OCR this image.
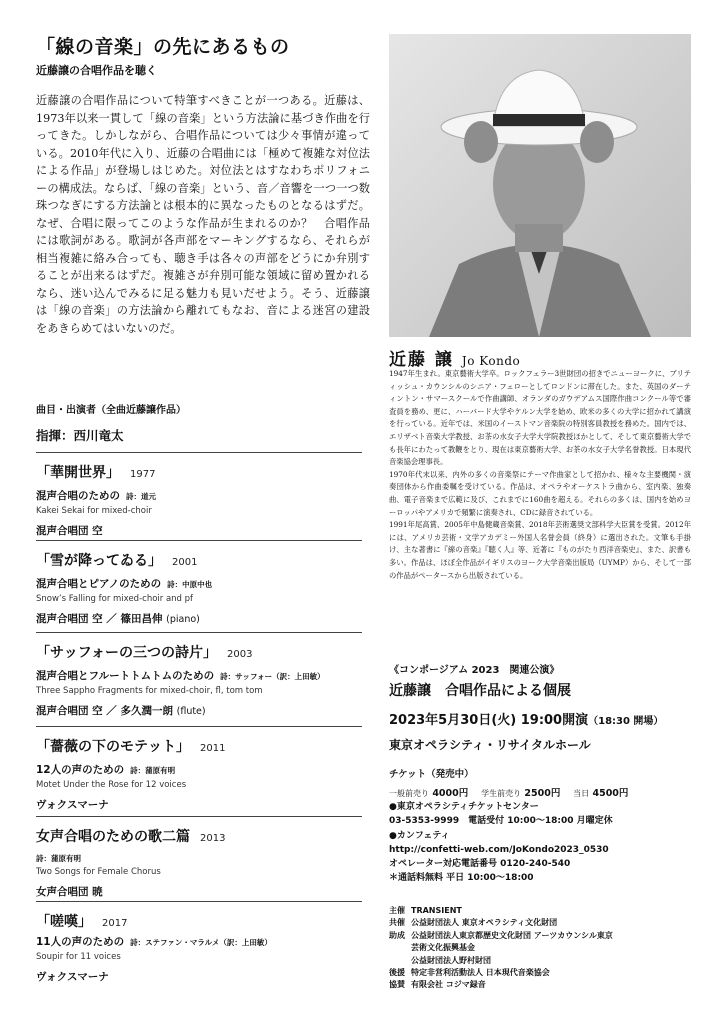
「線の音楽」の先にあるもの
近藤譲の合唱作品を聴く
近藤譲の合唱作品について特筆すべきことが一つある。近藤は、1973年以来一貫して「線の音楽」という方法論に基づき作曲を行ってきた。しかしながら、合唱作品については少々事情が違っている。2010年代に入り、近藤の合唱曲には「極めて複雑な対位法による作品」が登場しはじめた。対位法とはすなわちポリフォニーの構成法。ならば、「線の音楽」という、音／音響を一つ一つ数珠つなぎにする方法論とは根本的に異なったものとなるはずだ。なぜ、合唱に限ってこのような作品が生まれるのか？　合唱作品には歌詞がある。歌詞が各声部をマーキングするなら、それらが相当複雑に絡み合っても、聴き手は各々の声部をどうにか弁別することが出来るはずだ。複雑さが弁別可能な領域に留め置かれるなら、迷い込んでみるに足る魅力も見いだせよう。そう、近藤譲は「線の音楽」の方法論から離れてもなお、音による迷宮の建設をあきらめてはいないのだ。
曲目・出演者（全曲近藤譲作品）
指揮：西川竜太
「華開世界」 1977
混声合唱のための 詩：道元
Kakei Sekai for mixed-choir
混声合唱団 空
「雪が降ってゐる」 2001
混声合唱とピアノのための 詩：中原中也
Snow’s Falling for mixed-choir and pf
混声合唱団 空 ／ 篠田昌伸 (piano)
「サッフォーの三つの詩片」 2003
混声合唱とフルートトムトムのための 詩：サッフォー（訳：上田敏）
Three Sappho Fragments for mixed-choir, fl, tom tom
混声合唱団 空 ／ 多久潤一朗 (flute)
「薔薇の下のモテット」 2011
12人の声のための 詩：蒲原有明
Motet Under the Rose for 12 voices
ヴォクスマーナ
女声合唱のための歌二篇 2013
詩：蒲原有明
Two Songs for Female Chorus
女声合唱団 暁
「嗟嘆」 2017
11人の声のための 詩：ステファン・マラルメ（訳：上田敏）
Soupir for 11 voices
ヴォクスマーナ
近藤 譲 Jo Kondo

1947年生まれ。東京藝術大学卒。ロックフェラー3世財団の招きでニューヨークに、ブリティッシュ・カウンシルのシニア・フェローとしてロンドンに滞在した。また、英国のダーティントン・サマースクールで作曲講師、オランダのガウデアムス国際作曲コンクール等で審査員を務め、更に、ハーバード大学やケルン大学を始め、欧米の多くの大学に招かれて講演を行っている。近年では、米国のイーストマン音楽院の特別客員教授を務めた。国内では、エリザベト音楽大学教授、お茶の水女子大学大学院教授ほかとして、そして東京藝術大学でも長年にわたって教鞭をとり、現在は東京藝術大学、お茶の水女子大学名誉教授。日本現代音楽協会理事長。

1970年代末以来、内外の多くの音楽祭にテーマ作曲家として招かれ、様々な主要機関・演奏団体から作曲委嘱を受けている。作品は、オペラやオーケストラ曲から、室内楽、独奏曲、電子音楽まで広範に及び、これまでに160曲を超える。それらの多くは、国内を始めヨーロッパやアメリカで頻繁に演奏され、CDに録音されている。

1991年尾高賞、2005年中島健蔵音楽賞、2018年芸術選奨文部科学大臣賞を受賞。2012年には、アメリカ芸術・文学アカデミー外国人名誉会員（終身）に選出された。文筆も手掛け、主な著書に『線の音楽』『聴く人』等、近著に『ものがたり西洋音楽史』、また、訳書も多い。作品は、ほぼ全作品がイギリスのヨーク大学音楽出版局（UYMP）から、そして一部の作品がペータースから出版されている。

《コンポージアム 2023　関連公演》
近藤譲　合唱作品による個展
2023年5月30日(火) 19:00開演（18:30 開場）
東京オペラシティ・リサイタルホール
チケット（発売中）
一般前売り 4000円　 学生前売り 2500円　 当日 4500円
●東京オペラシティチケットセンター
03-5353-9999　電話受付 10:00～18:00 月曜定休
●カンフェティ
http://confetti-web.com/JoKondo2023_0530
オペレーター対応電話番号 0120-240-540
＊通話料無料 平日 10:00～18:00
主催	TRANSIENT
共催	公益財団法人 東京オペラシティ文化財団
助成	公益財団法人東京都歴史文化財団 アーツカウンシル東京
	芸術文化振興基金
	公益財団法人野村財団
後援	特定非営利活動法人 日本現代音楽協会
協賛	有限会社 コジマ録音
